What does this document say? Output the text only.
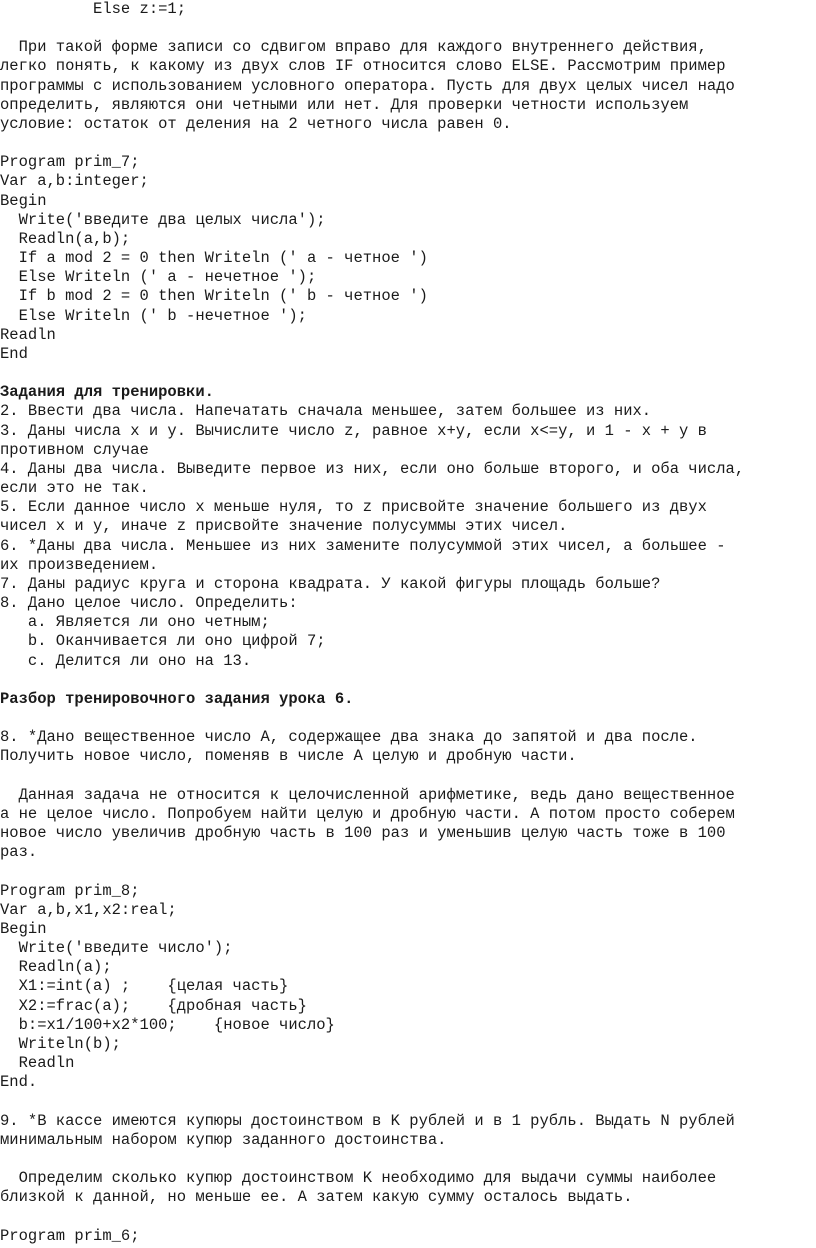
Else z:=1;
При такой форме записи со сдвигом вправо для каждого внутреннего действия,
легко понять, к какому из двух слов IF относится слово ELSE. Рассмотрим пример
программы с использованием условного оператора. Пусть для двух целых чисел надо
определить, являются они четными или нет. Для проверки четности используем
условие: остаток от деления на 2 четного числа равен 0.
Program prim_7;
Var a,b:integer;
Begin
Write('введите два целых числа');
Readln(a,b);
If a mod 2 = 0 then Writeln (' a - четное ')
Else Writeln (' a - нечетное ');
If b mod 2 = 0 then Writeln (' b - четное ')
Else Writeln (' b -нечетное ');
Readln
End
Задания для тренировки.
2. Ввести два числа. Напечатать сначала меньшее, затем большее из них.
3. Даны числа x и y. Вычислите число z, равное x+y, если x<=y, и 1 - x + y в
противном случае
4. Даны два числа. Выведите первое из них, если оно больше второго, и оба числа,
если это не так.
5. Если данное число x меньше нуля, то z присвойте значение большего из двух
чисел x и y, иначе z присвойте значение полусуммы этих чисел.
6. *Даны два числа. Меньшее из них замените полусуммой этих чисел, а большее -
их произведением.
7. Даны радиус круга и сторона квадрата. У какой фигуры площадь больше?
8. Дано целое число. Определить:
a. Является ли оно четным;
b. Оканчивается ли оно цифрой 7;
c. Делится ли оно на 13.
Разбор тренировочного задания урока 6.
8. *Дано вещественное число А, содержащее два знака до запятой и два после.
Получить новое число, поменяв в числе А целую и дробную части.
Данная задача не относится к целочисленной арифметике, ведь дано вещественное
а не целое число. Попробуем найти целую и дробную части. А потом просто соберем
новое число увеличив дробную часть в 100 раз и уменьшив целую часть тоже в 100
раз.
Program prim_8;
Var a,b,x1,x2:real;
Begin
Write('введите число');
Readln(a);
X1:=int(a) ;    {целая часть}
X2:=frac(a);    {дробная часть}
b:=x1/100+x2*100;    {новое число}
Writeln(b);
Readln
End.
9. *В кассе имеются купюры достоинством в K рублей и в 1 рубль. Выдать N рублей
минимальным набором купюр заданного достоинства.
Определим сколько купюр достоинством K необходимо для выдачи суммы наиболее
близкой к данной, но меньше ее. А затем какую сумму осталось выдать.
Program prim_6;
